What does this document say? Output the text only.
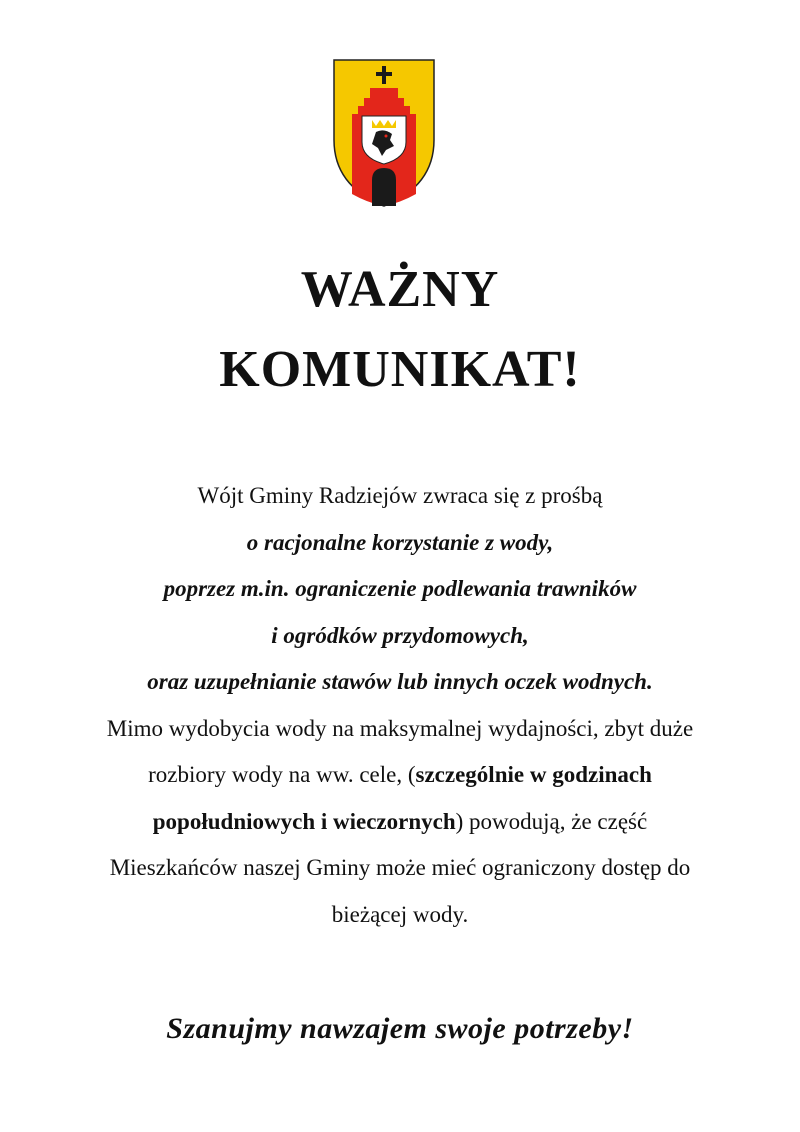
WAŻNY
KOMUNIKAT!

Wójt Gminy Radziejów zwraca się z prośbą

o racjonalne korzystanie z wody,

poprzez m.in. ograniczenie podlewania trawników

i ogródków przydomowych,

oraz uzupełnianie stawów lub innych oczek wodnych.

Mimo wydobycia wody na maksymalnej wydajności, zbyt duże

rozbiory wody na ww. cele, (szczególnie w godzinach

popołudniowych i wieczornych) powodują, że część

Mieszkańców naszej Gminy może mieć ograniczony dostęp do

bieżącej wody.

Szanujmy nawzajem swoje potrzeby!
